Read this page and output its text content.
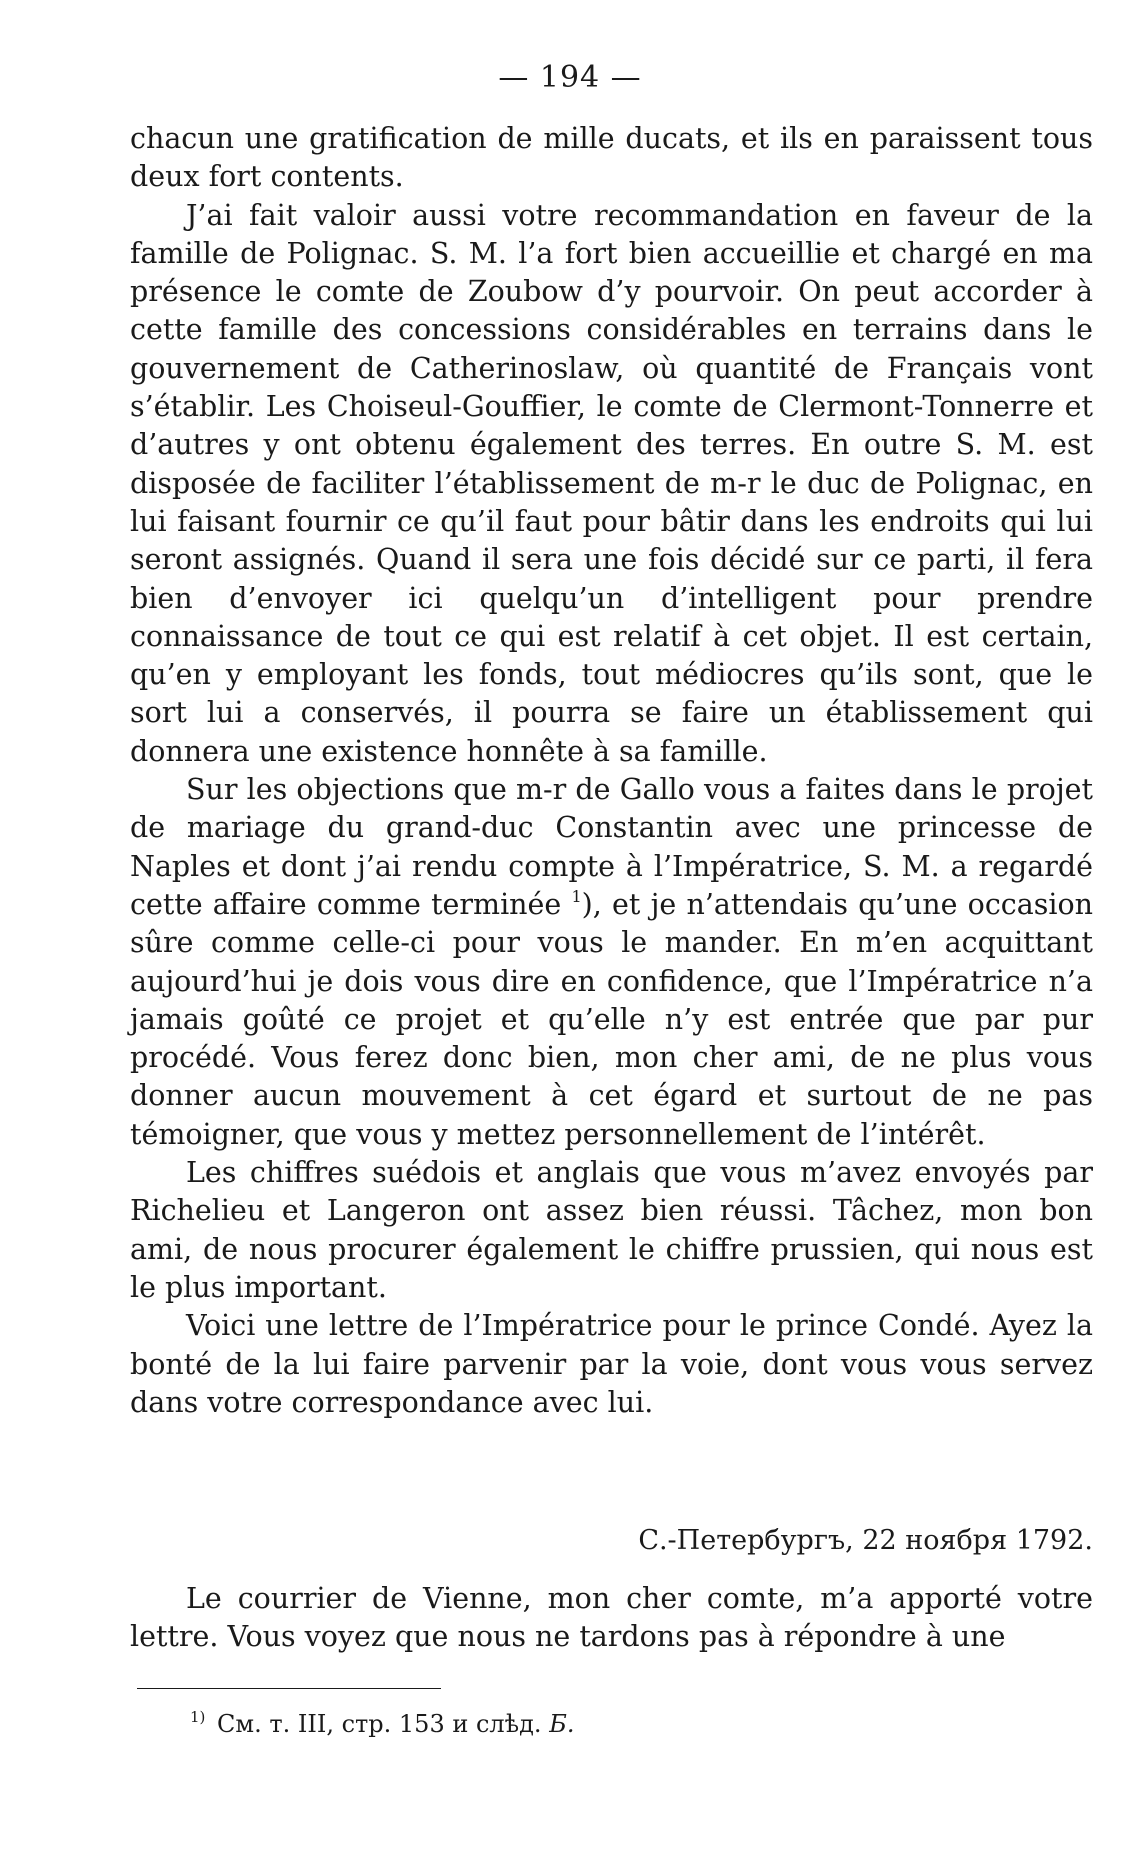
— 194 —

chacun une gratification de mille ducats, et ils en paraissent tous deux fort contents.

J’ai fait valoir aussi votre recommandation en faveur de la famille de Polignac. S. M. l’a fort bien accueillie et chargé en ma présence le comte de Zoubow d’y pourvoir. On peut accorder à cette famille des concessions considérables en terrains dans le gouvernement de Catherinoslaw, où quantité de Français vont s’établir. Les Choiseul-Gouffier, le comte de Clermont-Tonnerre et d’autres y ont obtenu également des terres. En outre S. M. est disposée de faciliter l’établissement de m-r le duc de Polignac, en lui faisant fournir ce qu’il faut pour bâtir dans les endroits qui lui seront assignés. Quand il sera une fois décidé sur ce parti, il fera bien d’envoyer ici quelqu’un d’intelligent pour prendre connaissance de tout ce qui est relatif à cet objet. Il est certain, qu’en y employant les fonds, tout médiocres qu’ils sont, que le sort lui a conservés, il pourra se faire un établissement qui donnera une existence honnête à sa famille.

Sur les objections que m-r de Gallo vous a faites dans le projet de mariage du grand-duc Constantin avec une princesse de Naples et dont j’ai rendu compte à l’Impératrice, S. M. a regardé cette affaire comme terminée $^1$), et je n’attendais qu’une occasion sûre comme celle-ci pour vous le mander. En m’en acquittant aujourd’hui je dois vous dire en confidence, que l’Impératrice n’a jamais goûté ce projet et qu’elle n’y est entrée que par pur procédé. Vous ferez donc bien, mon cher ami, de ne plus vous donner aucun mouvement à cet égard et surtout de ne pas témoigner, que vous y mettez personnellement de l’intérêt.

Les chiffres suédois et anglais que vous m’avez envoyés par Richelieu et Langeron ont assez bien réussi. Tâchez, mon bon ami, de nous procurer également le chiffre prussien, qui nous est le plus important.

Voici une lettre de l’Impératrice pour le prince Condé. Ayez la bonté de la lui faire parvenir par la voie, dont vous vous servez dans votre correspondance avec lui.

С.-Петербургъ, 22 ноября 1792.

Le courrier de Vienne, mon cher comte, m’a apporté votre lettre. Vous voyez que nous ne tardons pas à répondre à une

$^{1)}$ См. т. III, стр. 153 и слѣд. Б.
